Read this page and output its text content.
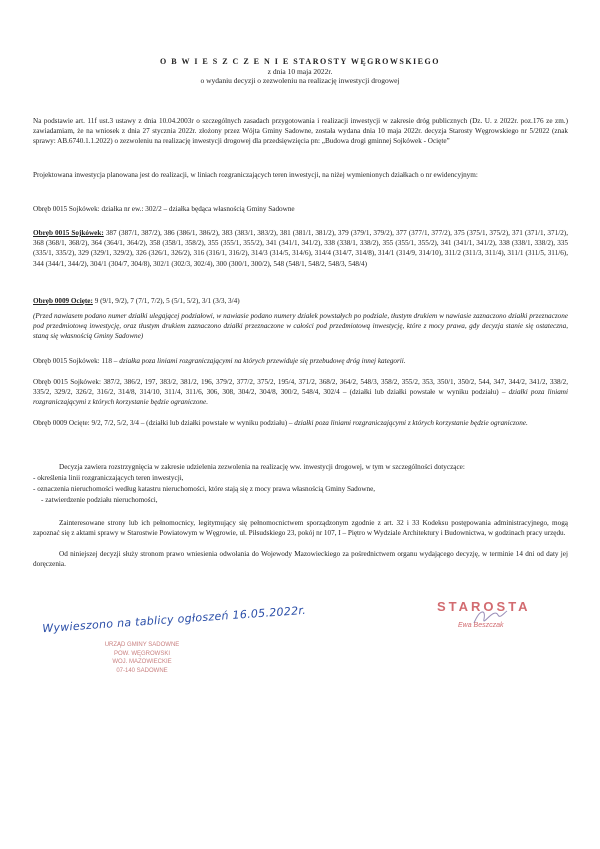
O B W I E S Z C Z E N I E STAROSTY WĘGROWSKIEGO
z dnia 10 maja 2022r.
o wydaniu decyzji o zezwoleniu na realizację inwestycji drogowej

Na podstawie art. 11f ust.3 ustawy z dnia 10.04.2003r o szczególnych zasadach przygotowania i realizacji inwestycji w zakresie dróg publicznych (Dz. U. z 2022r. poz.176 ze zm.) zawiadamiam, że na wniosek z dnia 27 stycznia 2022r. złożony przez Wójta Gminy Sadowne, została wydana dnia 10 maja 2022r. decyzja Starosty Węgrowskiego nr 5/2022 (znak sprawy: AB.6740.1.1.2022) o zezwoleniu na realizację inwestycji drogowej dla przedsięwzięcia pn: „Budowa drogi gminnej Sojkówek - Ocięte”

Projektowana inwestycja planowana jest do realizacji, w liniach rozgraniczających teren inwestycji, na niżej wymienionych działkach o nr ewidencyjnym:

Obręb 0015 Sojkówek: działka nr ew.: 302/2 – działka będąca własnością Gminy Sadowne

Obręb 0015 Sojkówek: 387 (387/1, 387/2), 386 (386/1, 386/2), 383 (383/1, 383/2), 381 (381/1, 381/2), 379 (379/1, 379/2), 377 (377/1, 377/2), 375 (375/1, 375/2), 371 (371/1, 371/2), 368 (368/1, 368/2), 364 (364/1, 364/2), 358 (358/1, 358/2), 355 (355/1, 355/2), 341 (341/1, 341/2), 338 (338/1, 338/2), 355 (355/1, 355/2), 341 (341/1, 341/2), 338 (338/1, 338/2), 335 (335/1, 335/2), 329 (329/1, 329/2), 326 (326/1, 326/2), 316 (316/1, 316/2), 314/3 (314/5, 314/6), 314/4 (314/7, 314/8), 314/1 (314/9, 314/10), 311/2 (311/3, 311/4), 311/1 (311/5, 311/6), 344 (344/1, 344/2), 304/1 (304/7, 304/8), 302/1 (302/3, 302/4), 300 (300/1, 300/2), 548 (548/1, 548/2, 548/3, 548/4)

Obręb 0009 Ocięte: 9 (9/1, 9/2), 7 (7/1, 7/2), 5 (5/1, 5/2), 3/1 (3/3, 3/4)

(Przed nawiasem podano numer działki ulegającej podziałowi, w nawiasie podano numery działek powstałych po podziale, tłustym drukiem w nawiasie zaznaczono działki przeznaczone pod przedmiotową inwestycję, oraz tłustym drukiem zaznaczono działki przeznaczone w całości pod przedmiotową inwestycję, które z mocy prawa, gdy decyzja stanie się ostateczna, staną się własnością Gminy Sadowne)

Obręb 0015 Sojkówek: 118 – działka poza liniami rozgraniczającymi na których przewiduje się przebudowę dróg innej kategorii.

Obręb 0015 Sojkówek: 387/2, 386/2, 197, 383/2, 381/2, 196, 379/2, 377/2, 375/2, 195/4, 371/2, 368/2, 364/2, 548/3, 358/2, 355/2, 353, 350/1, 350/2, 544, 347, 344/2, 341/2, 338/2, 335/2, 329/2, 326/2, 316/2, 314/8, 314/10, 311/4, 311/6, 306, 308, 304/2, 304/8, 300/2, 548/4, 302/4 – (działki lub działki powstałe w wyniku podziału) – działki poza liniami rozgraniczającymi z których korzystanie będzie ograniczone.

Obręb 0009 Ocięte: 9/2, 7/2, 5/2, 3/4 – (działki lub działki powstałe w wyniku podziału) – działki poza liniami rozgraniczającymi z których korzystanie będzie ograniczone.

Decyzja zawiera rozstrzygnięcia w zakresie udzielenia zezwolenia na realizację ww. inwestycji drogowej, w tym w szczególności dotyczące:

- określenia linii rozgraniczających teren inwestycji,
- oznaczenia nieruchomości według katastru nieruchomości, które stają się z mocy prawa własnością Gminy Sadowne,
- zatwierdzenie podziału nieruchomości,

Zainteresowane strony lub ich pełnomocnicy, legitymujący się pełnomocnictwem sporządzonym zgodnie z art. 32 i 33 Kodeksu postępowania administracyjnego, mogą zapoznać się z aktami sprawy w Starostwie Powiatowym w Węgrowie, ul. Piłsudskiego 23, pokój nr 107, I – Piętro w Wydziale Architektury i Budownictwa, w godzinach pracy urzędu.

Od niniejszej decyzji służy stronom prawo wniesienia odwołania do Wojewody Mazowieckiego za pośrednictwem organu wydającego decyzję, w terminie 14 dni od daty jej doręczenia.

Wywieszono na tablicy ogłoszeń 16.05.2022r.
URZĄD GMINY SADOWNE
POW. WĘGROWSKI
WOJ. MAZOWIECKIE
07-140 SADOWNE
STAROSTA
Ewa Beszczak
